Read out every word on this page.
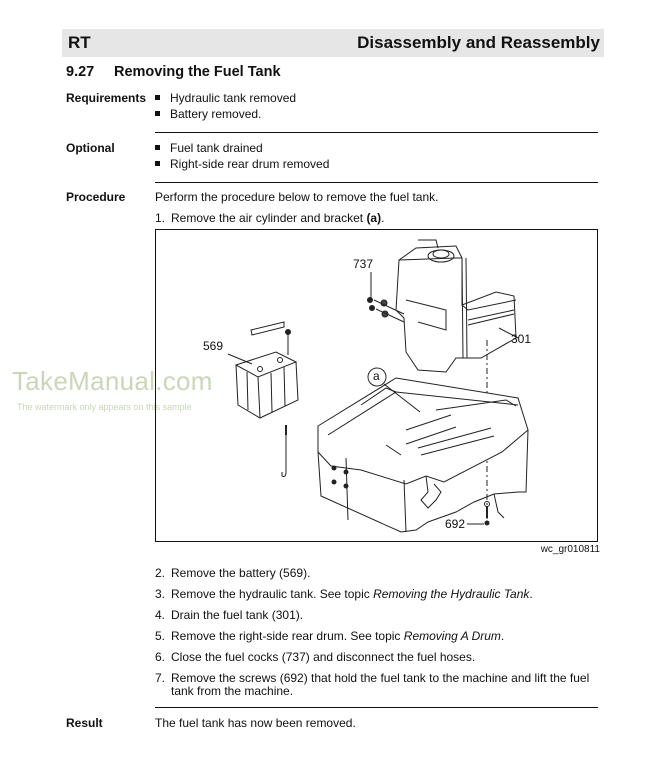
RT	Disassembly and Reassembly
9.27 Removing the Fuel Tank
Requirements	Hydraulic tank removed
Battery removed.
Optional	Fuel tank drained
Right-side rear drum removed
Procedure Perform the procedure below to remove the fuel tank.
1. Remove the air cylinder and bracket (a).
737
301
569
a
692
wc_gr010811
TakeManual.com
The watermark only appears on this sample
2. Remove the battery (569).
3. Remove the hydraulic tank. See topic Removing the Hydraulic Tank.
4. Drain the fuel tank (301).
5. Remove the right-side rear drum. See topic Removing A Drum.
6. Close the fuel cocks (737) and disconnect the fuel hoses.
7. Remove the screws (692) that hold the fuel tank to the machine and lift the fuel
tank from the machine.
Result	The fuel tank has now been removed.
